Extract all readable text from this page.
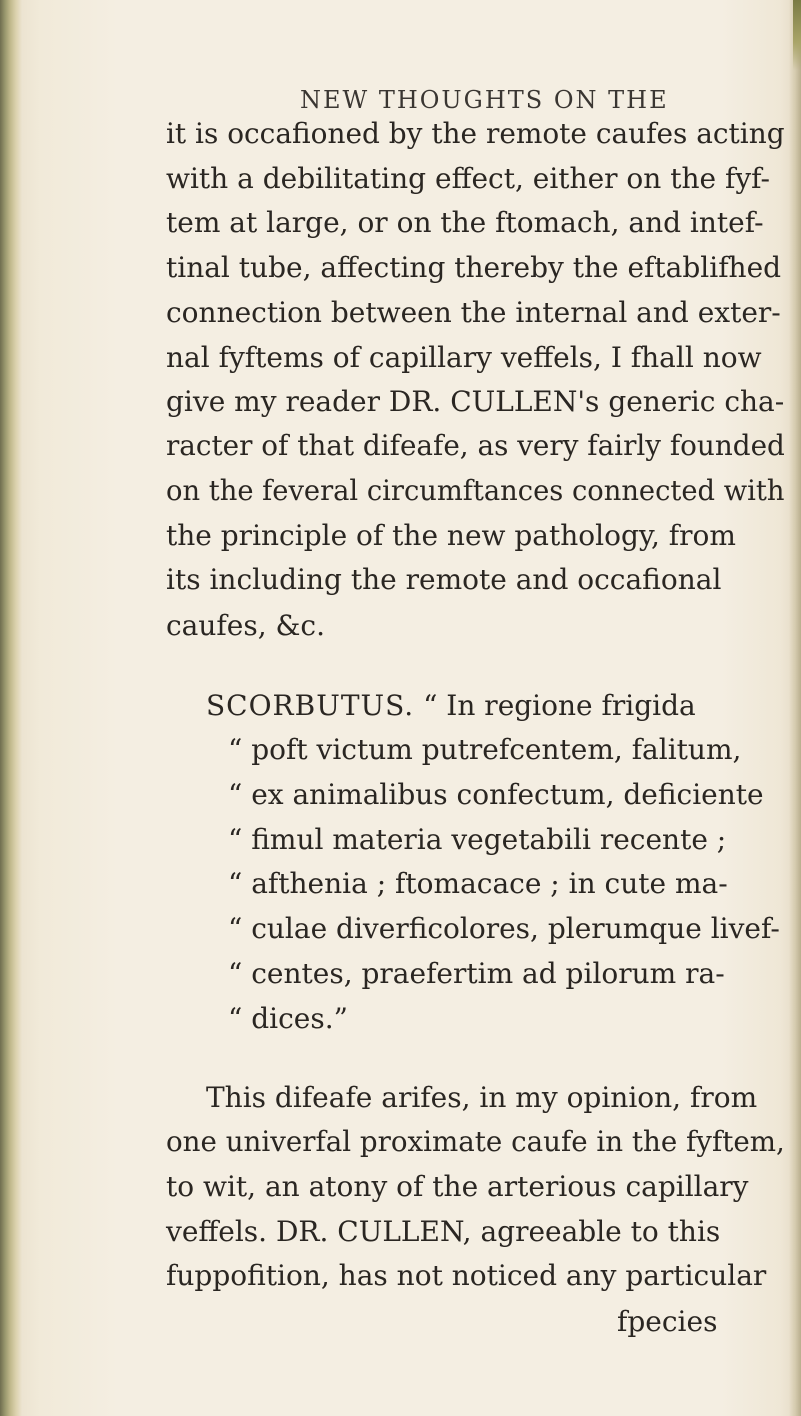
NEW THOUGHTS ON THE
it is occafioned by the remote caufes acting
with a debilitating effect, either on the fyf-
tem at large, or on the ftomach, and intef-
tinal tube, affecting thereby the eftablifhed
connection between the internal and exter-
nal fyftems of capillary veffels, I fhall now
give my reader DR. CULLEN's generic cha-
racter of that difeafe, as very fairly founded
on the feveral circumftances connected with
the principle of the new pathology, from
its including the remote and occafional
caufes, &c.
SCORBUTUS. “ In regione frigida
“ poft victum putrefcentem, falitum,
“ ex animalibus confectum, deficiente
“ fimul materia vegetabili recente ;
“ afthenia ; ftomacace ; in cute ma-
“ culae diverficolores, plerumque livef-
“ centes, praefertim ad pilorum ra-
“ dices.”
This difeafe arifes, in my opinion, from
one univerfal proximate caufe in the fyftem,
to wit, an atony of the arterious capillary
veffels. DR. CULLEN, agreeable to this
fuppofition, has not noticed any particular
fpecies
